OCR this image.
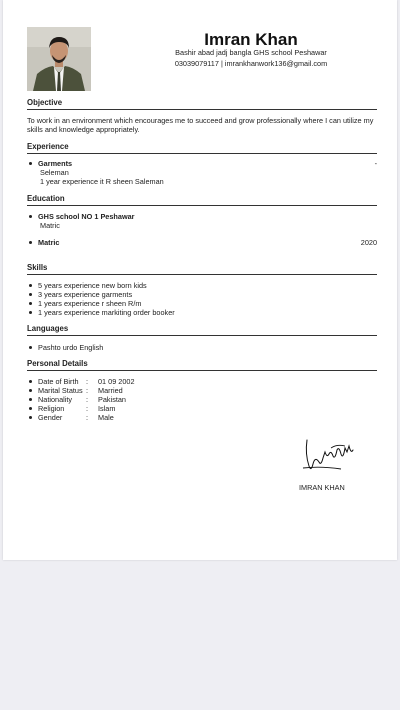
Imran Khan
Bashir abad jadj bangla GHS school Peshawar
03039079117 | imrankhanwork136@gmail.com
Objective
To work in an environment which encourages me to succeed and grow professionally where I can utilize my skills and knowledge appropriately.
Experience
Garments	-
Seleman
1 year experience it R sheen Saleman
Education
GHS school NO 1 Peshawar
Matric
Matric	2020
Skills
5 years experience new born kids
3 years experience garments
1 years experience r sheen R/m
1 years experience markiting order booker
Languages
Pashto urdo English
Personal Details
Date of Birth	:	01 09 2002
Marital Status :	Married
Nationality	:	Pakistan
Religion	:	Islam
Gender	:	Male
IMRAN KHAN
